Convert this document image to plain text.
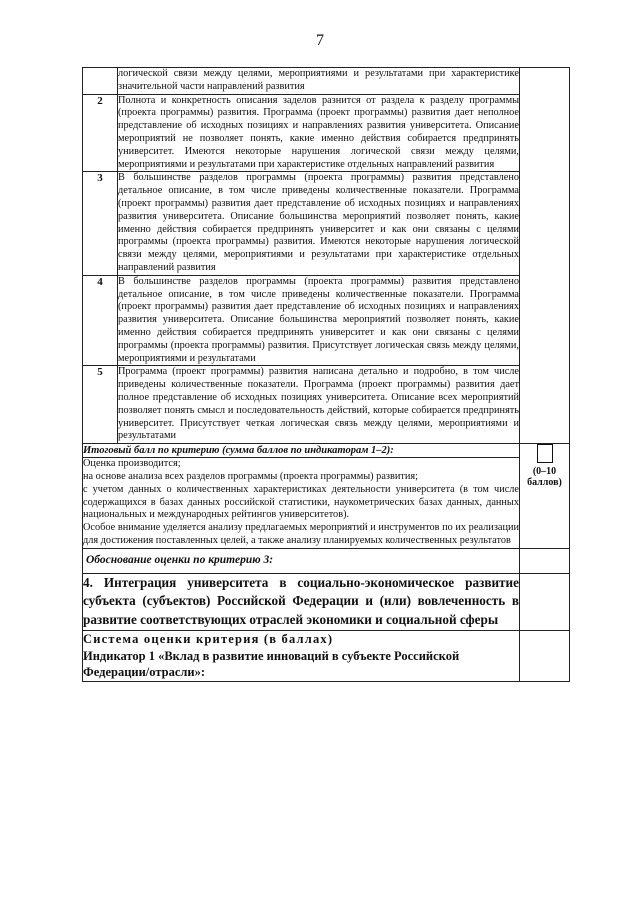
7
	логической связи между целями, мероприятиями и результатами при характеристике значительной части направлений развития	
2	Полнота и конкретность описания заделов разнится от раздела к разделу программы (проекта программы) развития. Программа (проект программы) развития дает неполное представление об исходных позициях и направлениях развития университета. Описание мероприятий не позволяет понять, какие именно действия собирается предпринять университет. Имеются некоторые нарушения логической связи между целями, мероприятиями и результатами при характеристике отдельных направлений развития	
3	В большинстве разделов программы (проекта программы) развития представлено детальное описание, в том числе приведены количественные показатели. Программа (проект программы) развития дает представление об исходных позициях и направлениях развития университета. Описание большинства мероприятий позволяет понять, какие именно действия собирается предпринять университет и как они связаны с целями программы (проекта программы) развития. Имеются некоторые нарушения логической связи между целями, мероприятиями и результатами при характеристике отдельных направлений развития	
4	В большинстве разделов программы (проекта программы) развития представлено детальное описание, в том числе приведены количественные показатели. Программа (проект программы) развития дает представление об исходных позициях и направлениях развития университета. Описание большинства мероприятий позволяет понять, какие именно действия собирается предпринять университет и как они связаны с целями программы (проекта программы) развития. Присутствует логическая связь между целями, мероприятиями и результатами	
5	Программа (проект программы) развития написана детально и подробно, в том числе приведены количественные показатели. Программа (проект программы) развития дает полное представление об исходных позициях университета. Описание всех мероприятий позволяет понять смысл и последовательность действий, которые собирается предпринять университет. Присутствует четкая логическая связь между целями, мероприятиями и результатами	
Итоговый балл по критерию (сумма баллов по индикаторам 1–2):		(0–10 баллов)

Оценка производится;

на основе анализа всех разделов программы (проекта программы) развития;

с учетом данных о количественных характеристиках деятельности университета (в том числе содержащихся в базах данных российской статистики, наукометрических базах данных, данных национальных и международных рейтингов университетов).

Особое внимание уделяется анализу предлагаемых мероприятий и инструментов по их реализации для достижения поставленных целей, а также анализу планируемых количественных результатов		

Обоснование оценки по критерию 3:		
4. Интеграция университета в социально-экономическое развитие субъекта (субъектов) Российской Федерации и (или) вовлеченность в развитие соответствующих отраслей экономики и социальной сферы		

Система оценки критерия (в баллах)

Индикатор 1 «Вклад в развитие инноваций в субъекте Российской Федерации/отрасли»:		
